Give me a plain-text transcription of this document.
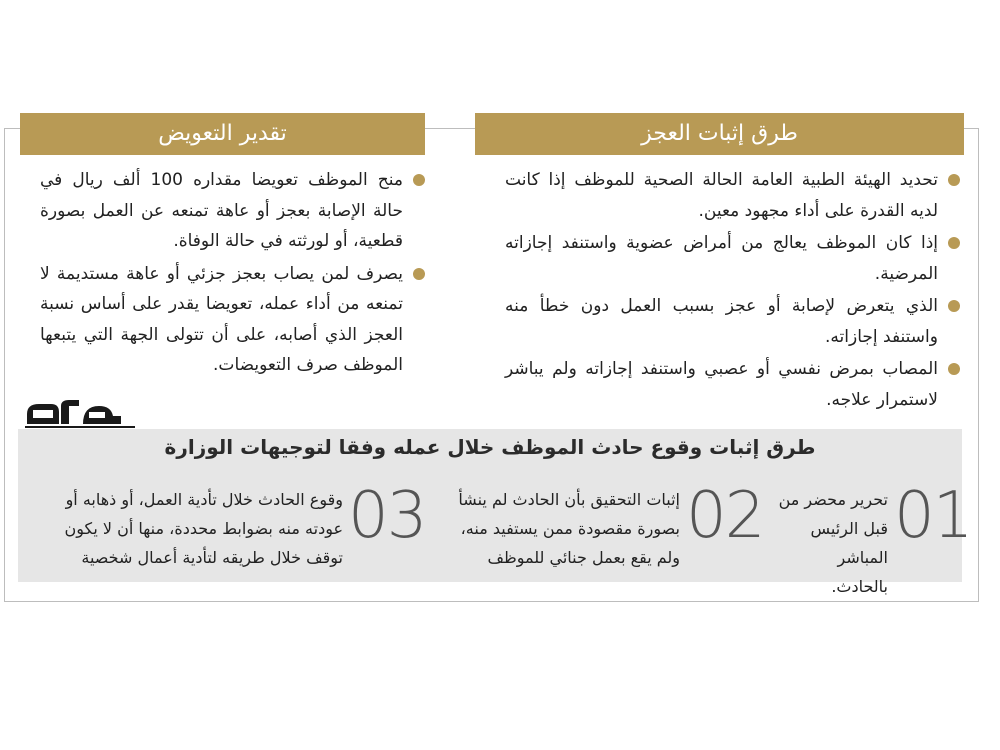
طرق إثبات العجز
تقدير التعويض

تحديد الهيئة الطبية العامة الحالة الصحية للموظف إذا كانت لديه القدرة على أداء مجهود معين.

إذا كان الموظف يعالج من أمراض عضوية واستنفد إجازاته المرضية.

الذي يتعرض لإصابة أو عجز بسبب العمل دون خطأ منه واستنفد إجازاته.

المصاب بمرض نفسي أو عصبي واستنفد إجازاته ولم يباشر لاستمرار علاجه.

منح الموظف تعويضا مقداره 100 ألف ريال في حالة الإصابة بعجز أو عاهة تمنعه عن العمل بصورة قطعية، أو لورثته في حالة الوفاة.

يصرف لمن يصاب بعجز جزئي أو عاهة مستديمة لا تمنعه من أداء عمله، تعويضا يقدر على أساس نسبة العجز الذي أصابه، على أن تتولى الجهة التي يتبعها الموظف صرف التعويضات.

طرق إثبات وقوع حادث الموظف خلال عمله وفقا لتوجيهات الوزارة
01
تحرير محضر من قبل الرئيس المباشر بالحادث.
02
إثبات التحقيق بأن الحادث لم ينشأ بصورة مقصودة ممن يستفيد منه، ولم يقع بعمل جنائي للموظف
03
وقوع الحادث خلال تأدية العمل، أو ذهابه أو عودته منه بضوابط محددة، منها أن لا يكون توقف خلال طريقه لتأدية أعمال شخصية
